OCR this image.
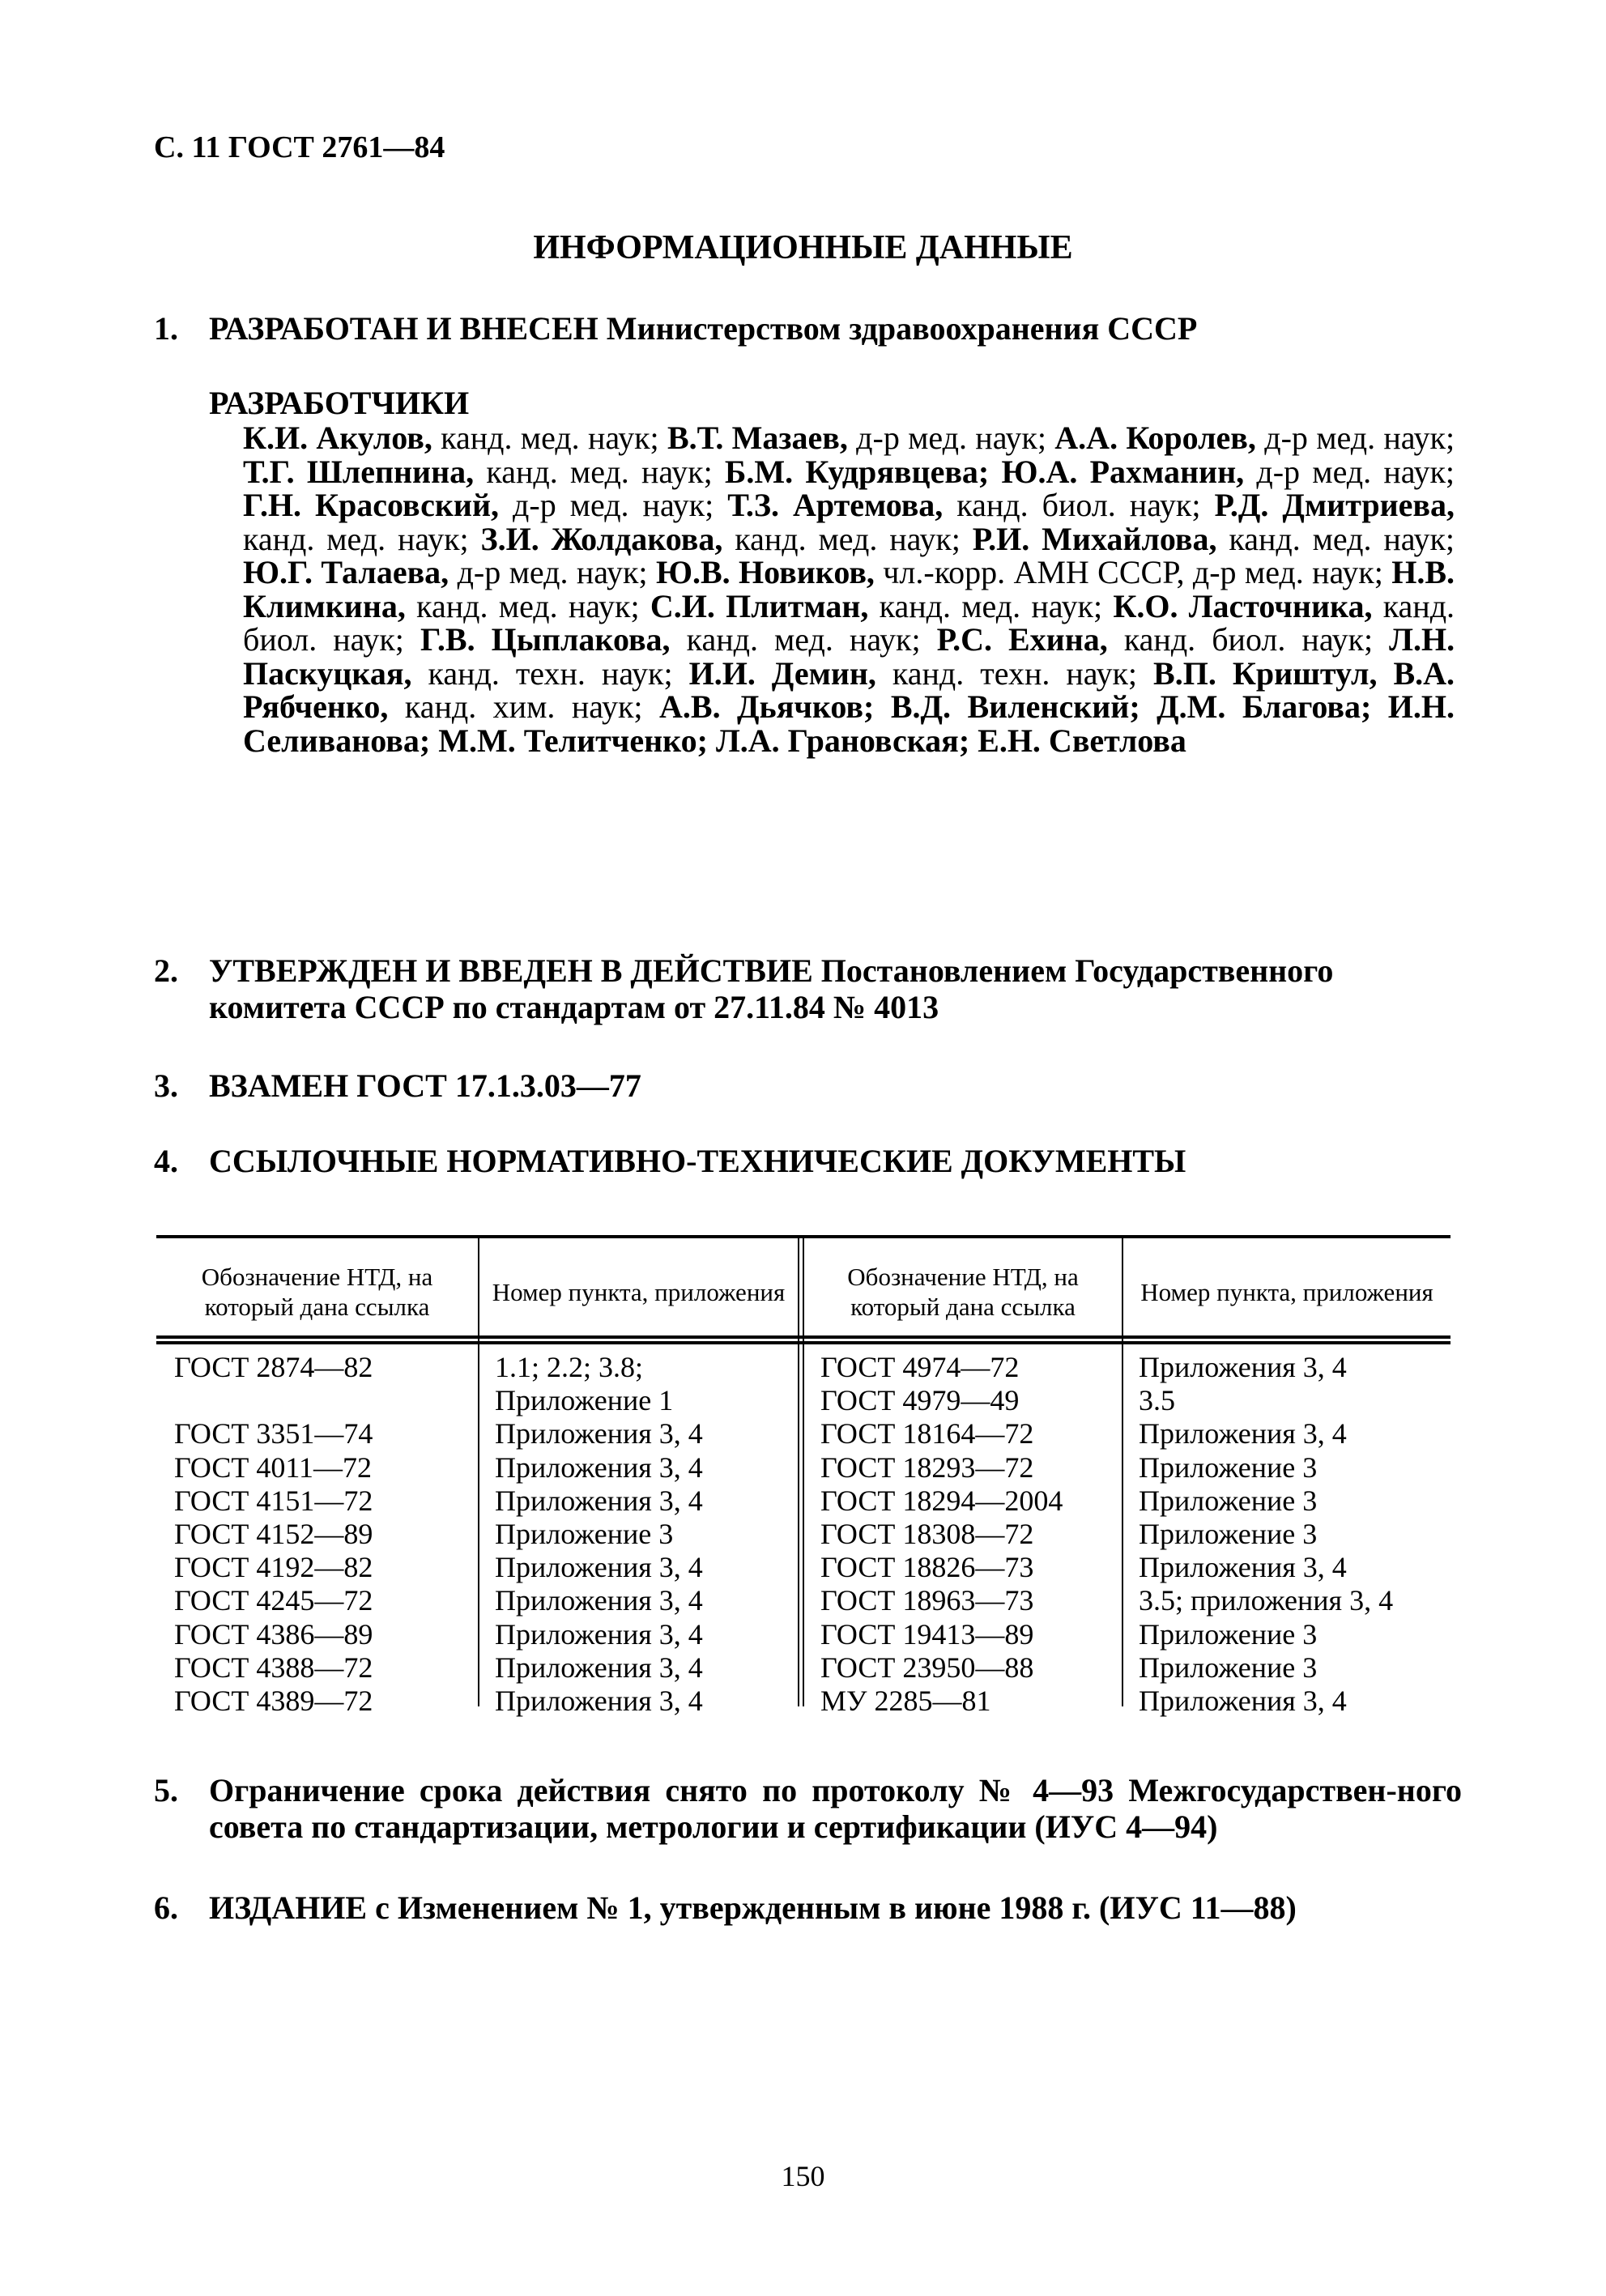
С. 11 ГОСТ 2761—84
ИНФОРМАЦИОННЫЕ ДАННЫЕ
1. РАЗРАБОТАН И ВНЕСЕН Министерством здравоохранения СССР
РАЗРАБОТЧИКИ
К.И. Акулов, канд. мед. наук; В.Т. Мазаев, д-р мед. наук; А.А. Королев, д-р мед. наук; Т.Г. Шлепнина, канд. мед. наук; Б.М. Кудрявцева; Ю.А. Рахманин, д-р мед. наук; Г.Н. Красовский, д-р мед. наук; Т.З. Артемова, канд. биол. наук; Р.Д. Дмитриева, канд. мед. наук; З.И. Жолдакова, канд. мед. наук; Р.И. Михайлова, канд. мед. наук; Ю.Г. Талаева, д-р мед. наук; Ю.В. Новиков, чл.-корр. АМН СССР, д-р мед. наук; Н.В. Климкина, канд. мед. наук; С.И. Плитман, канд. мед. наук; К.О. Ласточника, канд. биол. наук; Г.В. Цыплакова, канд. мед. наук; Р.С. Ехина, канд. биол. наук; Л.Н. Паскуцкая, канд. техн. наук; И.И. Демин, канд. техн. наук; В.П. Криштул, В.А. Рябченко, канд. хим. наук; А.В. Дьячков; В.Д. Виленский; Д.М. Благова; И.Н. Селиванова; М.М. Телитченко; Л.А. Грановская; Е.Н. Светлова
2. УТВЕРЖДЕН И ВВЕДЕН В ДЕЙСТВИЕ Постановлением Государственного комитета СССР по стандартам от 27.11.84 № 4013
3. ВЗАМЕН ГОСТ 17.1.3.03—77
4. ССЫЛОЧНЫЕ НОРМАТИВНО-ТЕХНИЧЕСКИЕ ДОКУМЕНТЫ
Обозначение НТД, на который дана ссылка
Номер пункта, приложения
Обозначение НТД, на который дана ссылка
Номер пункта, приложения
ГОСТ 2874—82
ГОСТ 3351—74
ГОСТ 4011—72
ГОСТ 4151—72
ГОСТ 4152—89
ГОСТ 4192—82
ГОСТ 4245—72
ГОСТ 4386—89
ГОСТ 4388—72
ГОСТ 4389—72
1.1; 2.2; 3.8;
Приложение 1
Приложения 3, 4
Приложения 3, 4
Приложения 3, 4
Приложение 3
Приложения 3, 4
Приложения 3, 4
Приложения 3, 4
Приложения 3, 4
Приложения 3, 4
ГОСТ 4974—72
ГОСТ 4979—49
ГОСТ 18164—72
ГОСТ 18293—72
ГОСТ 18294—2004
ГОСТ 18308—72
ГОСТ 18826—73
ГОСТ 18963—73
ГОСТ 19413—89
ГОСТ 23950—88
МУ 2285—81
Приложения 3, 4
3.5
Приложения 3, 4
Приложение 3
Приложение 3
Приложение 3
Приложения 3, 4
3.5; приложения 3, 4
Приложение 3
Приложение 3
Приложения 3, 4
5. Ограничение срока действия снято по протоколу № 4—93 Межгосударствен-ного совета по стандартизации, метрологии и сертификации (ИУС 4—94)
6. ИЗДАНИЕ с Изменением № 1, утвержденным в июне 1988 г. (ИУС 11—88)
150
